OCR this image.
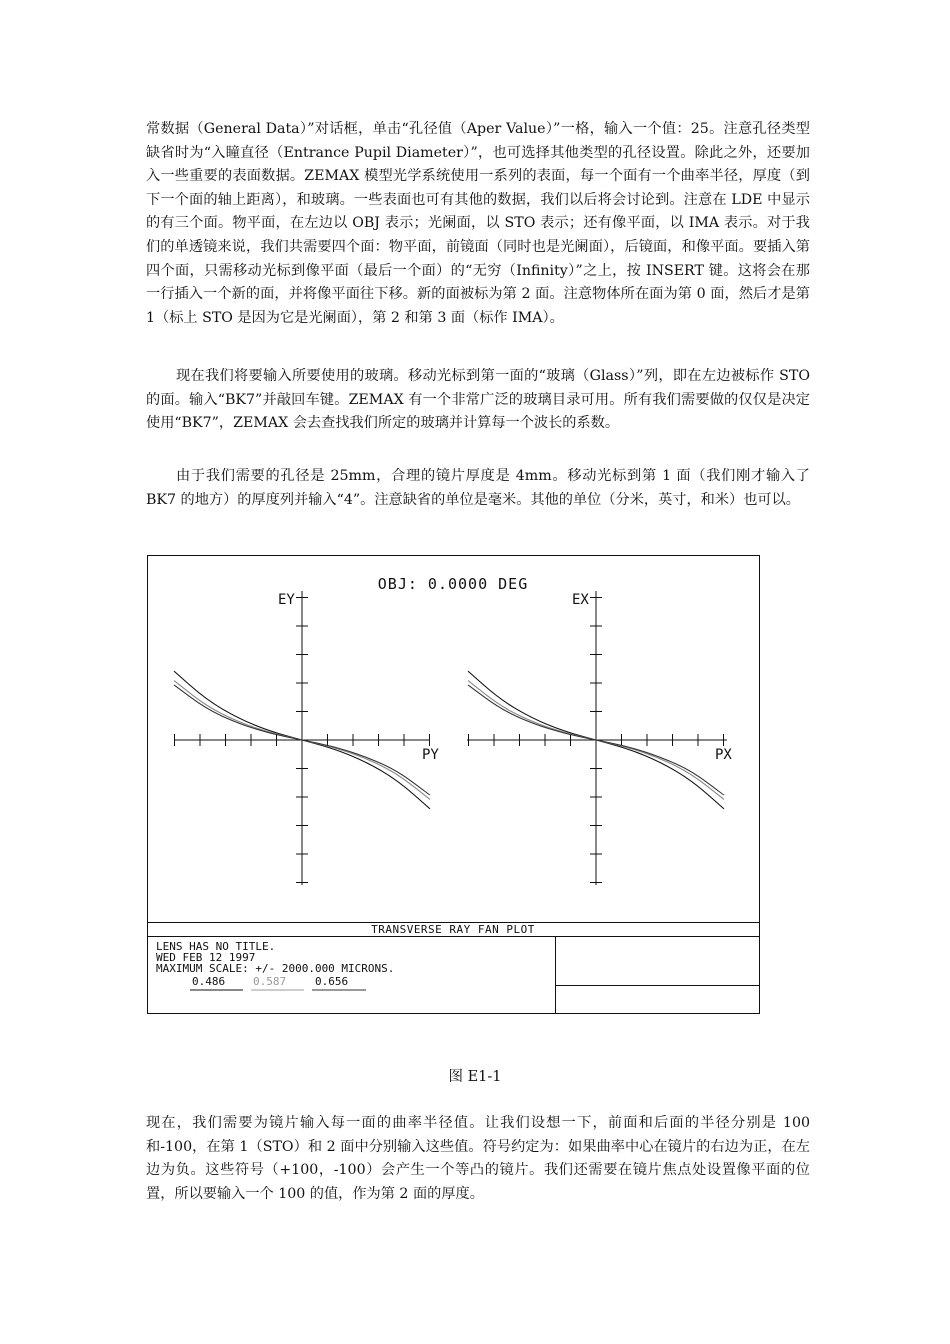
常数据（General Data）”对话框，单击“孔径值（Aper Value）”一格，输入一个值：25。注意孔径类型缺省时为“入瞳直径（Entrance Pupil Diameter）”，也可选择其他类型的孔径设置。除此之外，还要加入一些重要的表面数据。ZEMAX 模型光学系统使用一系列的表面，每一个面有一个曲率半径，厚度（到下一个面的轴上距离），和玻璃。一些表面也可有其他的数据，我们以后将会讨论到。注意在 LDE 中显示的有三个面。物平面，在左边以 OBJ 表示；光阑面，以 STO 表示；还有像平面，以 IMA 表示。对于我们的单透镜来说，我们共需要四个面：物平面，前镜面（同时也是光阑面），后镜面，和像平面。要插入第四个面，只需移动光标到像平面（最后一个面）的“无穷（Infinity）”之上，按 INSERT 键。这将会在那一行插入一个新的面，并将像平面往下移。新的面被标为第 2 面。注意物体所在面为第 0 面，然后才是第 1（标上 STO 是因为它是光阑面），第 2 和第 3 面（标作 IMA）。

现在我们将要输入所要使用的玻璃。移动光标到第一面的“玻璃（Glass）”列，即在左边被标作 STO 的面。输入“BK7”并敲回车键。ZEMAX 有一个非常广泛的玻璃目录可用。所有我们需要做的仅仅是决定使用“BK7”，ZEMAX 会去查找我们所定的玻璃并计算每一个波长的系数。

由于我们需要的孔径是 25mm，合理的镜片厚度是 4mm。移动光标到第 1 面（我们刚才输入了 BK7 的地方）的厚度列并输入“4”。注意缺省的单位是毫米。其他的单位（分米，英寸，和米）也可以。

OBJ: 0.0000 DEG
EY
PY
EX
PX
TRANSVERSE RAY FAN PLOT
LENS HAS NO TITLE.
WED FEB 12 1997
MAXIMUM SCALE: +/- 2000.000 MICRONS.
0.486	0.587	0.656
图 E1-1

现在，我们需要为镜片输入每一面的曲率半径值。让我们设想一下，前面和后面的半径分别是 100 和-100，在第 1（STO）和 2 面中分别输入这些值。符号约定为：如果曲率中心在镜片的右边为正，在左边为负。这些符号（+100，-100）会产生一个等凸的镜片。我们还需要在镜片焦点处设置像平面的位置，所以要输入一个 100 的值，作为第 2 面的厚度。
